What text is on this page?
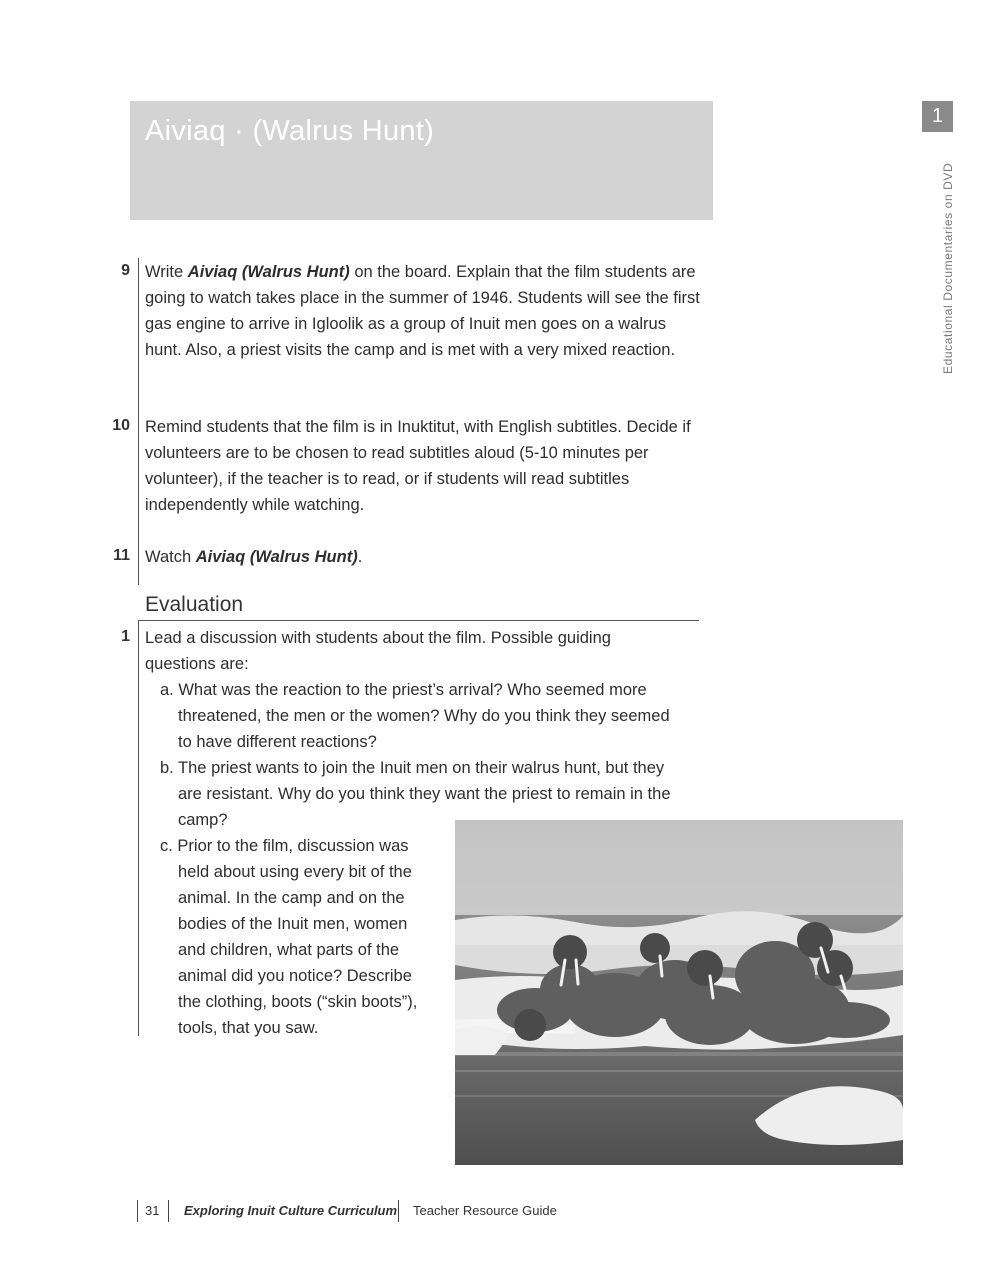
Aiviaq · (Walrus Hunt)	1
Educational Documentaries on DVD
9 Write Aiviaq (Walrus Hunt) on the board. Explain that the film students are going to watch takes place in the summer of 1946. Students will see the first gas engine to arrive in Igloolik as a group of Inuit men goes on a walrus hunt. Also, a priest visits the camp and is met with a very mixed reaction.
10 Remind students that the film is in Inuktitut, with English subtitles. Decide if volunteers are to be chosen to read subtitles aloud (5-10 minutes per volunteer), if the teacher is to read, or if students will read subtitles independently while watching.
11 Watch Aiviaq (Walrus Hunt).
Evaluation
1 Lead a discussion with students about the film. Possible guiding questions are:
a. What was the reaction to the priest’s arrival? Who seemed more threatened, the men or the women? Why do you think they seemed to have different reactions?
b. The priest wants to join the Inuit men on their walrus hunt, but they are resistant. Why do you think they want the priest to remain in the camp?
c. Prior to the film, discussion was held about using every bit of the animal. In the camp and on the bodies of the Inuit men, women and children, what parts of the animal did you notice? Describe the clothing, boots (“skin boots”), tools, that you saw.
31 Exploring Inuit Culture Curriculum Teacher Resource Guide
